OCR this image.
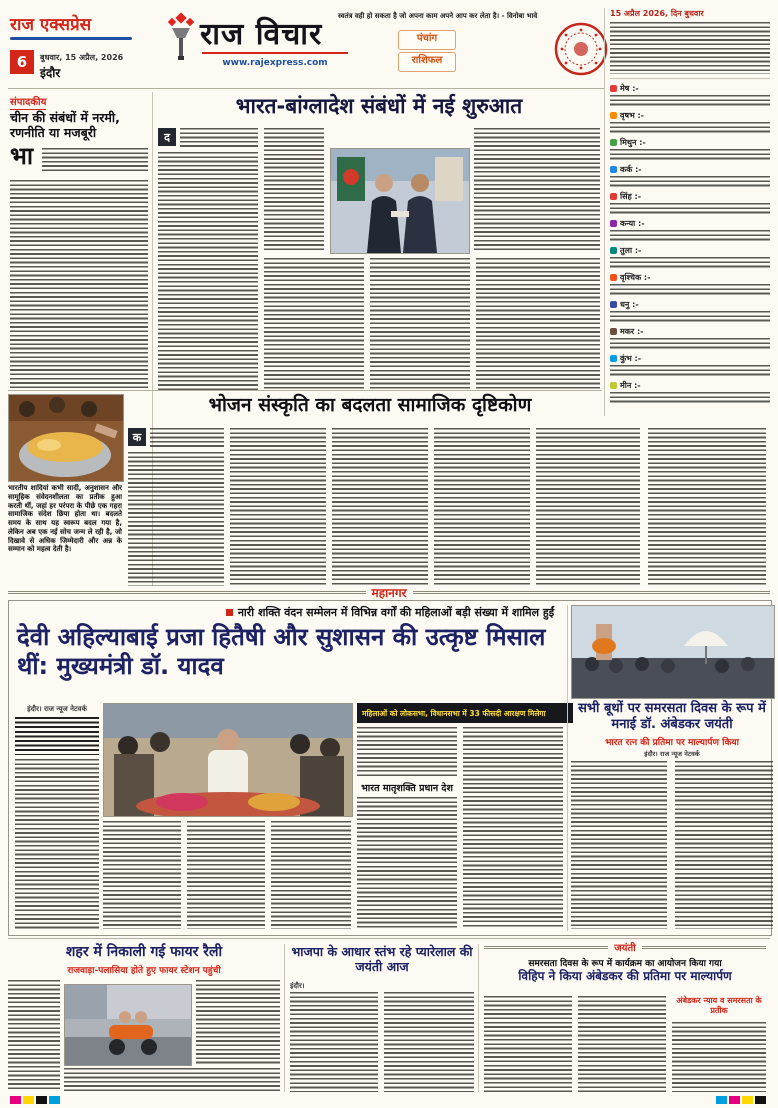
राज एक्सप्रेस
6	बुधवार, 15 अप्रैल, 2026
इंदौर
राज विचार
www.rajexpress.com
स्वतंत्र वही हो सकता है जो अपना काम अपने आप कर लेता है। - विनोबा भावे
पंचांग
राशिफल
15 अप्रैल 2026, दिन बुधवार
मेष :-
वृषभ :-
मिथुन :-
कर्क :-
सिंह :-
कन्या :-
तुला :-
वृश्चिक :-
धनु :-
मकर :-
कुंभ :-
मीन :-
संपादकीय
चीन की संबंधों में नरमी, रणनीति या मजबूरी
भा
भारत-बांग्लादेश संबंधों में नई शुरुआत
द
भारतीय शादियां कभी सादी, अनुशासन और सामूहिक संवेदनशीलता का प्रतीक हुआ करती थीं, जहां हर परंपरा के पीछे एक गहरा सामाजिक संदेश छिपा होता था। बदलते समय के साथ यह स्वरूप बदल गया है, लेकिन अब एक नई सोच जन्म ले रही है, जो दिखावे से अधिक जिम्मेदारी और अन्न के सम्मान को महत्व देती है।
भोजन संस्कृति का बदलता सामाजिक दृष्टिकोण
क
महानगर
नारी शक्ति वंदन सम्मेलन में विभिन्न वर्गों की महिलाओं बड़ी संख्या में शामिल हुईं
देवी अहिल्याबाई प्रजा हितैषी और सुशासन की उत्कृष्ट मिसाल थीं: मुख्यमंत्री डॉ. यादव
इंदौर। राज न्यूज नेटवर्क	महिलाओं को लोकसभा, विधानसभा में 33 फीसदी आरक्षण मिलेगा
भारत मातृशक्ति प्रधान देश
सभी बूथों पर समरसता दिवस के रूप में मनाई डॉ. अंबेडकर जयंती
भारत रत्न की प्रतिमा पर माल्यार्पण किया
इंदौर। राज न्यूज नेटवर्क
शहर में निकाली गई फायर रैली
राजवाड़ा-पलासिया होते हुए फायर स्टेशन पहुंची
भाजपा के आधार स्तंभ रहे प्यारेलाल की जयंती आज
इंदौर।
जयंती
समरसता दिवस के रूप में कार्यक्रम का आयोजन किया गया
विहिप ने किया अंबेडकर की प्रतिमा पर माल्यार्पण
अंबेडकर न्याय व समरसता के प्रतीक
